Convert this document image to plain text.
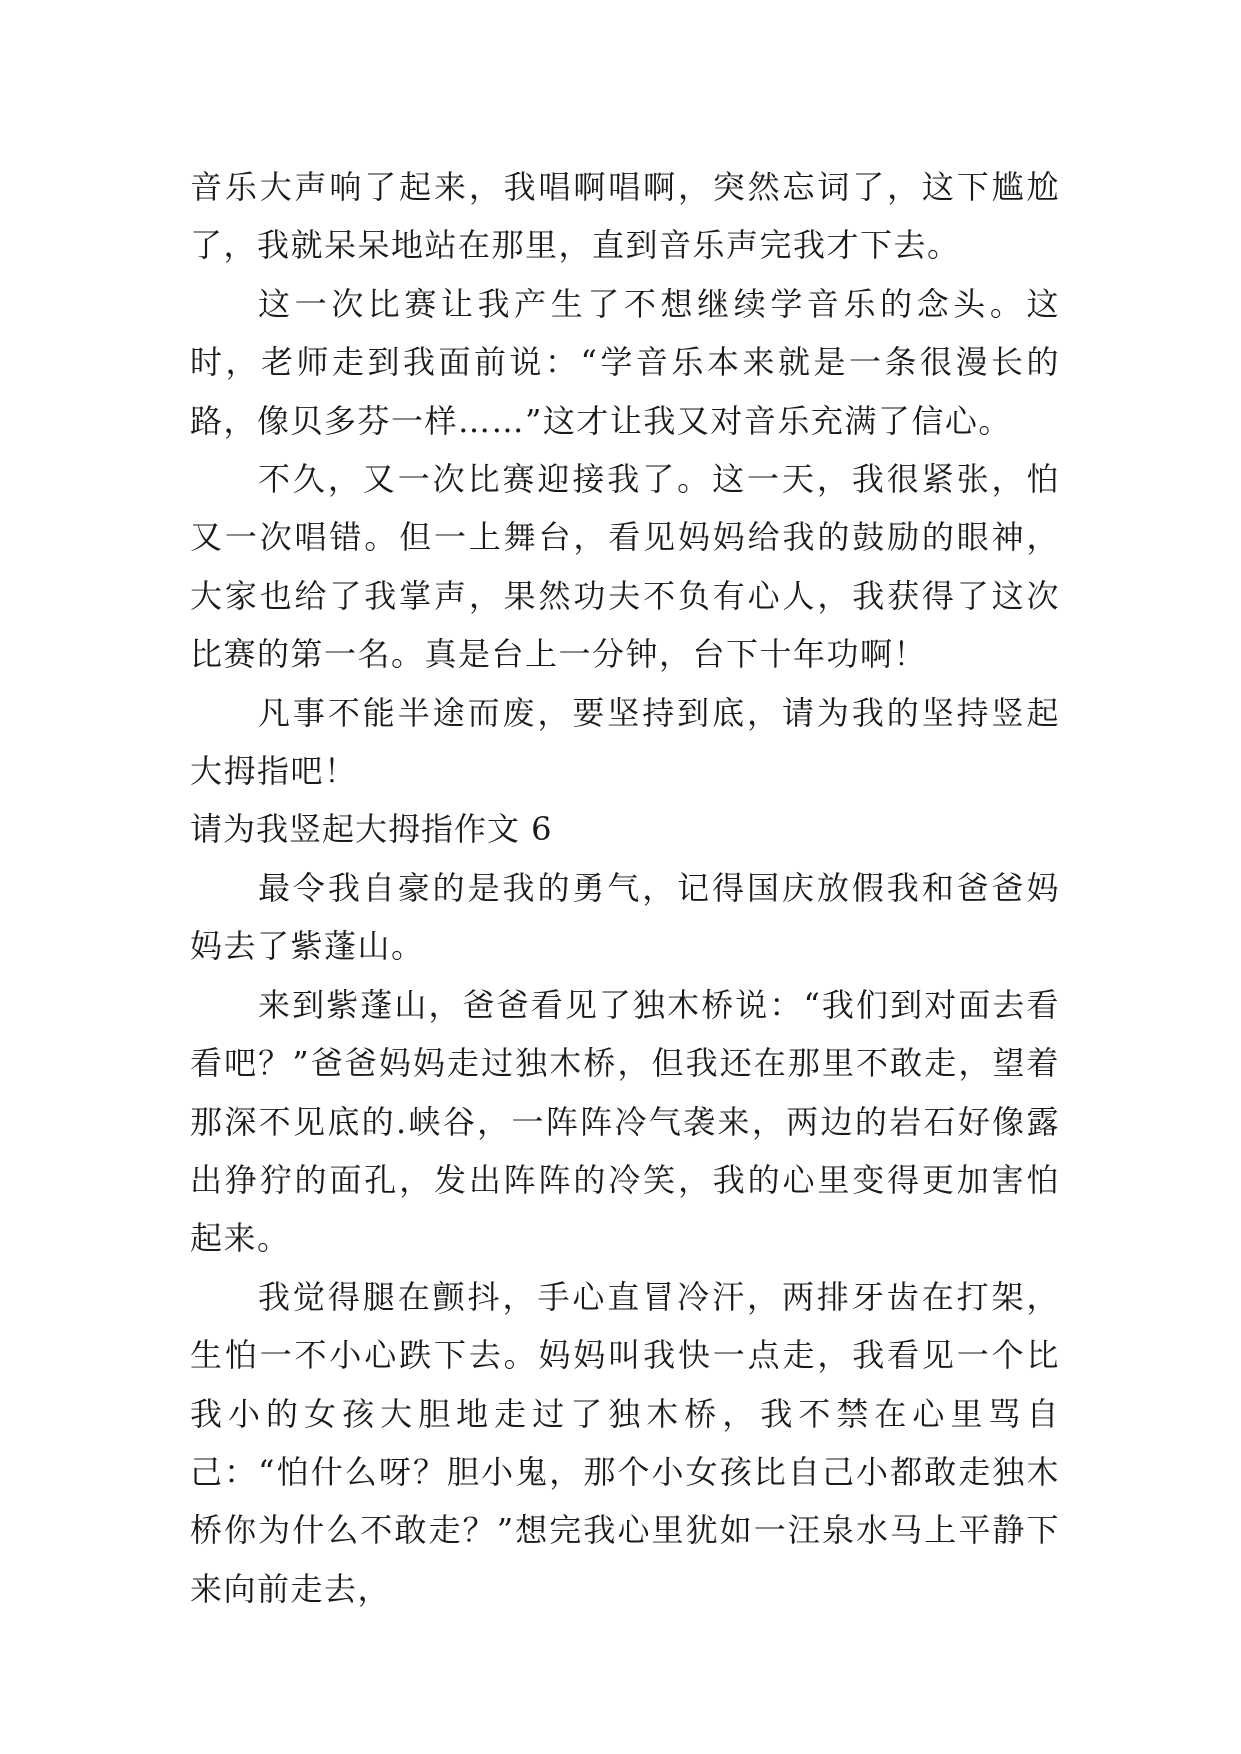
音乐大声响了起来，我唱啊唱啊，突然忘词了，这下尴尬了，我就呆呆地站在那里，直到音乐声完我才下去。

这一次比赛让我产生了不想继续学音乐的念头。这时，老师走到我面前说：“学音乐本来就是一条很漫长的路，像贝多芬一样……”这才让我又对音乐充满了信心。

不久，又一次比赛迎接我了。这一天，我很紧张，怕又一次唱错。但一上舞台，看见妈妈给我的鼓励的眼神，大家也给了我掌声，果然功夫不负有心人，我获得了这次比赛的第一名。真是台上一分钟，台下十年功啊！

凡事不能半途而废，要坚持到底，请为我的坚持竖起大拇指吧！

请为我竖起大拇指作文 6

最令我自豪的是我的勇气，记得国庆放假我和爸爸妈妈去了紫蓬山。

来到紫蓬山，爸爸看见了独木桥说：“我们到对面去看看吧？”爸爸妈妈走过独木桥，但我还在那里不敢走，望着那深不见底的.峡谷，一阵阵冷气袭来，两边的岩石好像露出狰狞的面孔，发出阵阵的冷笑，我的心里变得更加害怕起来。

我觉得腿在颤抖，手心直冒冷汗，两排牙齿在打架，生怕一不小心跌下去。妈妈叫我快一点走，我看见一个比我小的女孩大胆地走过了独木桥，我不禁在心里骂自己：“怕什么呀？胆小鬼，那个小女孩比自己小都敢走独木桥你为什么不敢走？”想完我心里犹如一汪泉水马上平静下来向前走去，
